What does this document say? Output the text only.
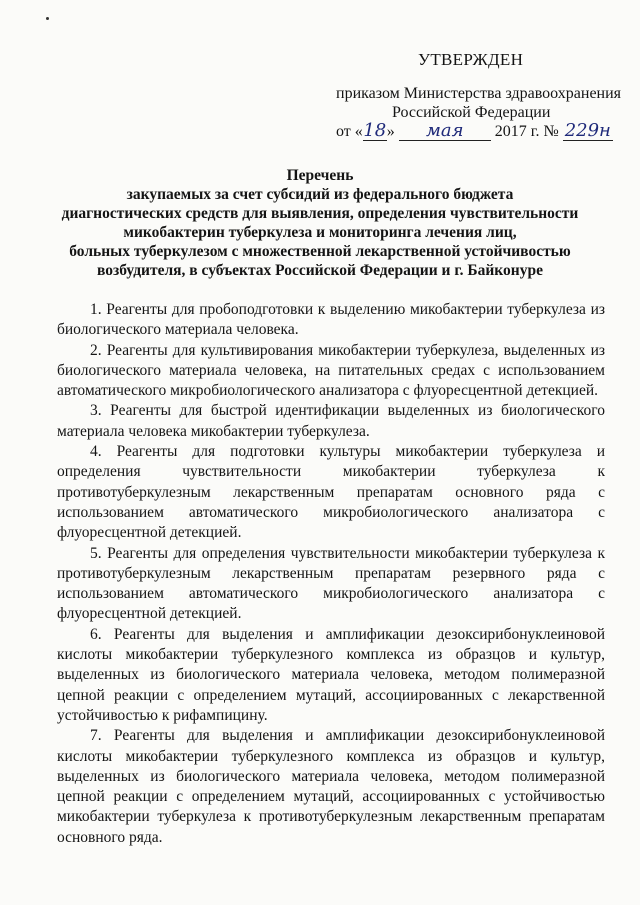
УТВЕРЖДЕН
приказом Министерства здравоохранения
Российской Федерации
от «18» мая 2017 г. № 229н
Перечень
закупаемых за счет субсидий из федерального бюджета
диагностических средств для выявления, определения чувствительности
микобактерин туберкулеза и мониторинга лечения лиц,
больных туберкулезом с множественной лекарственной устойчивостью
возбудителя, в субъектах Российской Федерации и г. Байконуре

1. Реагенты для пробоподготовки к выделению микобактерии туберкулеза из биологического материала человека.

2. Реагенты для культивирования микобактерии туберкулеза, выделенных из биологического материала человека, на питательных средах с использованием автоматического микробиологического анализатора с флуоресцентной детекцией.

3. Реагенты для быстрой идентификации выделенных из биологического материала человека микобактерии туберкулеза.

4. Реагенты для подготовки культуры микобактерии туберкулеза и определения чувствительности микобактерии туберкулеза к противотуберкулезным лекарственным препаратам основного ряда с использованием автоматического микробиологического анализатора с флуоресцентной детекцией.

5. Реагенты для определения чувствительности микобактерии туберкулеза к противотуберкулезным лекарственным препаратам резервного ряда с использованием автоматического микробиологического анализатора с флуоресцентной детекцией.

6. Реагенты для выделения и амплификации дезоксирибонуклеиновой кислоты микобактерии туберкулезного комплекса из образцов и культур, выделенных из биологического материала человека, методом полимеразной цепной реакции с определением мутаций, ассоциированных с лекарственной устойчивостью к рифампицину.

7. Реагенты для выделения и амплификации дезоксирибонуклеиновой кислоты микобактерии туберкулезного комплекса из образцов и культур, выделенных из биологического материала человека, методом полимеразной цепной реакции с определением мутаций, ассоциированных с устойчивостью микобактерии туберкулеза к противотуберкулезным лекарственным препаратам основного ряда.
